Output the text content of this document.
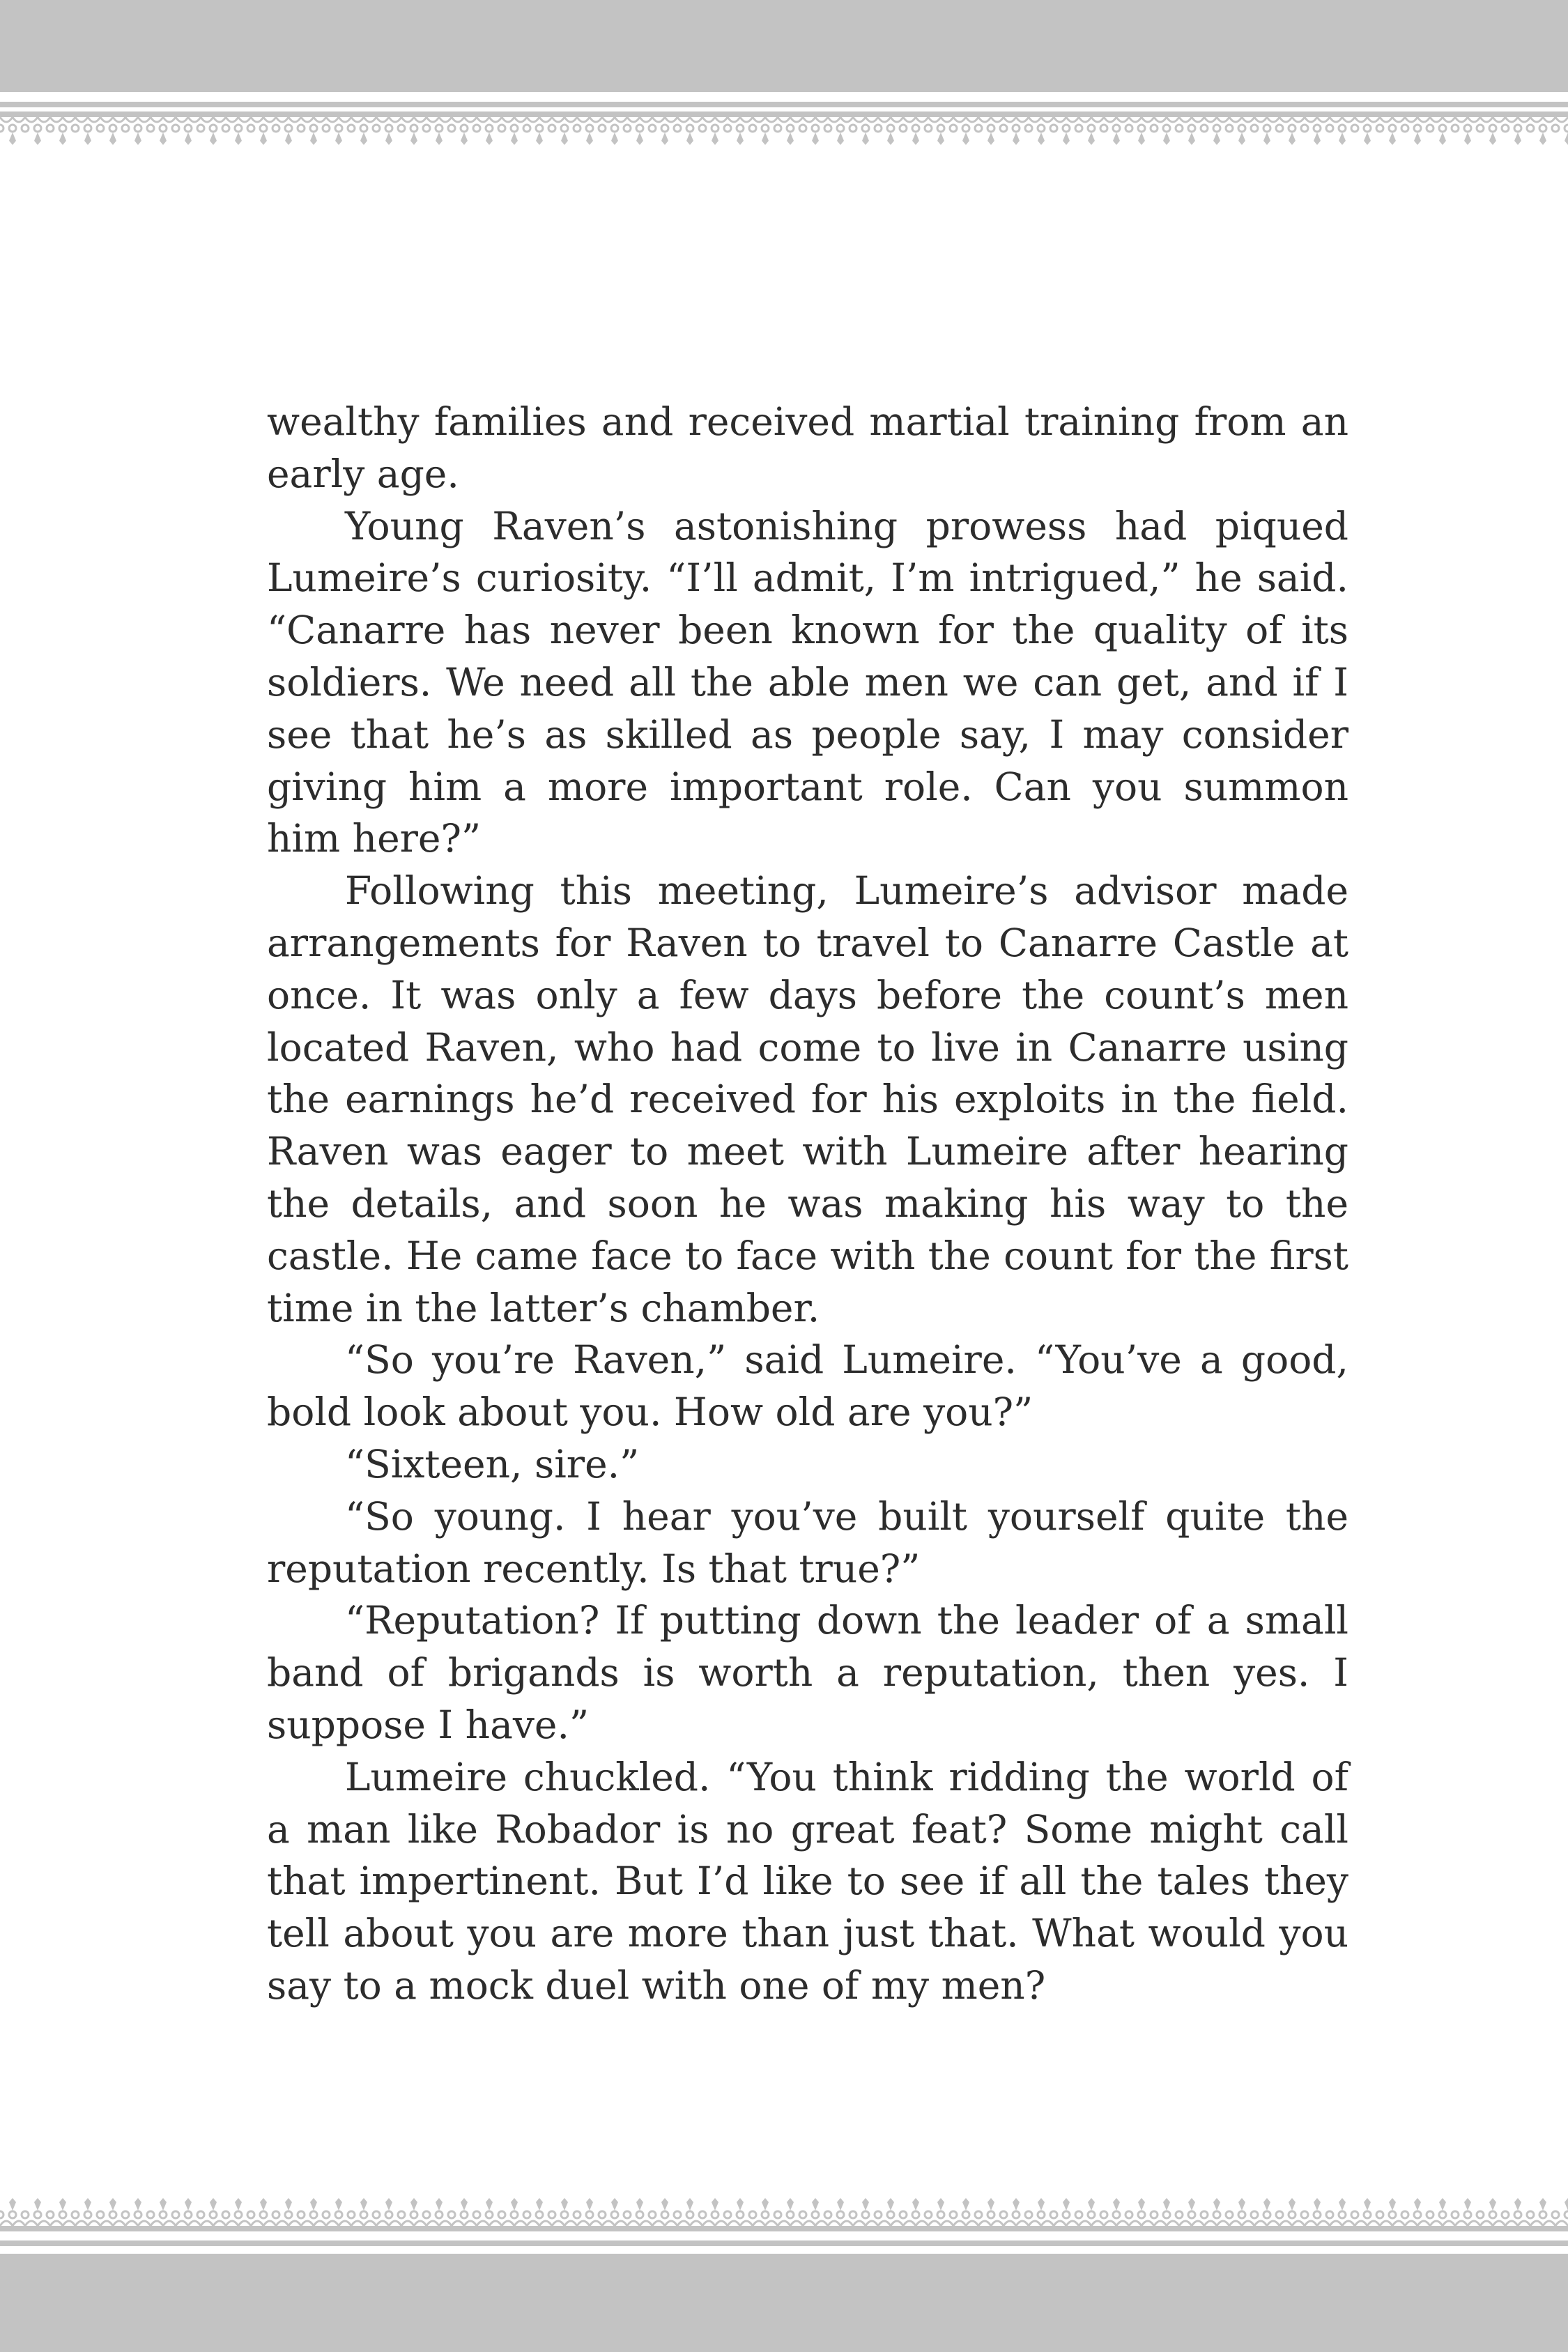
wealthy families and received martial training from an early age.

Young Raven’s astonishing prowess had piqued Lumeire’s curiosity. “I’ll admit, I’m intrigued,” he said. “Canarre has never been known for the quality of its soldiers. We need all the able men we can get, and if I see that he’s as skilled as people say, I may consider giving him a more important role. Can you summon him here?”

Following this meeting, Lumeire’s advisor made arrangements for Raven to travel to Canarre Castle at once. It was only a few days before the count’s men located Raven, who had come to live in Canarre using the earnings he’d received for his exploits in the field. Raven was eager to meet with Lumeire after hearing the details, and soon he was making his way to the castle. He came face to face with the count for the first time in the latter’s chamber.

“So you’re Raven,” said Lumeire. “You’ve a good, bold look about you. How old are you?”

“Sixteen, sire.”

“So young. I hear you’ve built yourself quite the reputation recently. Is that true?”

“Reputation? If putting down the leader of a small band of brigands is worth a reputation, then yes. I suppose I have.”

Lumeire chuckled. “You think ridding the world of a man like Robador is no great feat? Some might call that impertinent. But I’d like to see if all the tales they tell about you are more than just that. What would you say to a mock duel with one of my men?
